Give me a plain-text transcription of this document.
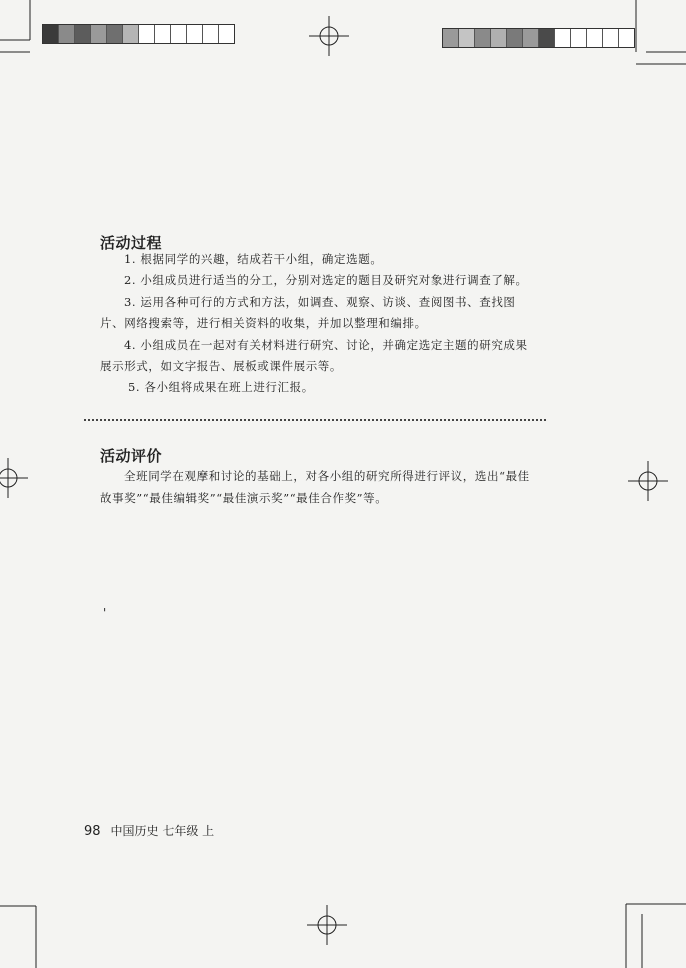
活动过程
1. 根据同学的兴趣，结成若干小组，确定选题。
2. 小组成员进行适当的分工，分别对选定的题目及研究对象进行调查了解。
3. 运用各种可行的方式和方法，如调查、观察、访谈、查阅图书、查找图
片、网络搜索等，进行相关资料的收集，并加以整理和编排。
4. 小组成员在一起对有关材料进行研究、讨论，并确定选定主题的研究成果
展示形式，如文字报告、展板或课件展示等。
5. 各小组将成果在班上进行汇报。
活动评价
全班同学在观摩和讨论的基础上，对各小组的研究所得进行评议，选出“最佳
故事奖”“最佳编辑奖”“最佳演示奖”“最佳合作奖”等。
'
98 中国历史 七年级 上
